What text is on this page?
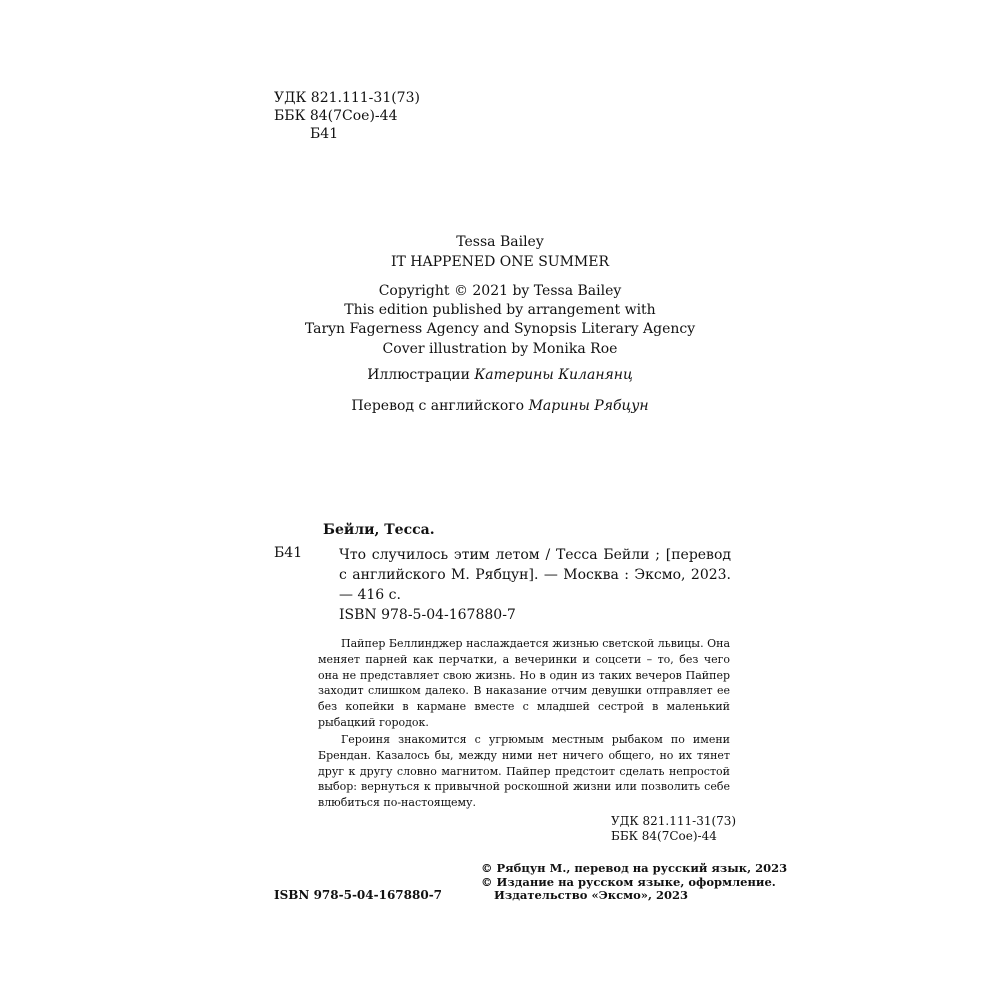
УДК 821.111-31(73)
ББК 84(7Сое)-44
Б41
Tessa Bailey
IT HAPPENED ONE SUMMER
Copyright © 2021 by Tessa Bailey
This edition published by arrangement with
Taryn Fagerness Agency and Synopsis Literary Agency
Cover illustration by Monika Roe
Иллюстрации Катерины Киланянц
Перевод с английского Марины Рябцун
Бейли, Тесса.
Б41	Что случилось этим летом / Тесса Бейли ; [перевод с английского М. Рябцун]. — Москва : Эксмо, 2023. — 416 с.
ISBN 978-5-04-167880-7

Пайпер Беллинджер наслаждается жизнью светской львицы. Она меняет парней как перчатки, а вечеринки и соцсети – то, без чего она не представляет свою жизнь. Но в один из таких вечеров Пайпер заходит слишком далеко. В наказание отчим девушки отправляет ее без копейки в кармане вместе с младшей сестрой в маленький рыбацкий городок.

Героиня знакомится с угрюмым местным рыбаком по имени Брендан. Казалось бы, между ними нет ничего общего, но их тянет друг к другу словно магнитом. Пайпер предстоит сделать непростой выбор: вернуться к привычной роскошной жизни или позволить себе влюбиться по-настоящему.

УДК 821.111-31(73)
ББК 84(7Сое)-44
© Рябцун М., перевод на русский язык, 2023
© Издание на русском языке, оформление.
Издательство «Эксмо», 2023
ISBN 978-5-04-167880-7
